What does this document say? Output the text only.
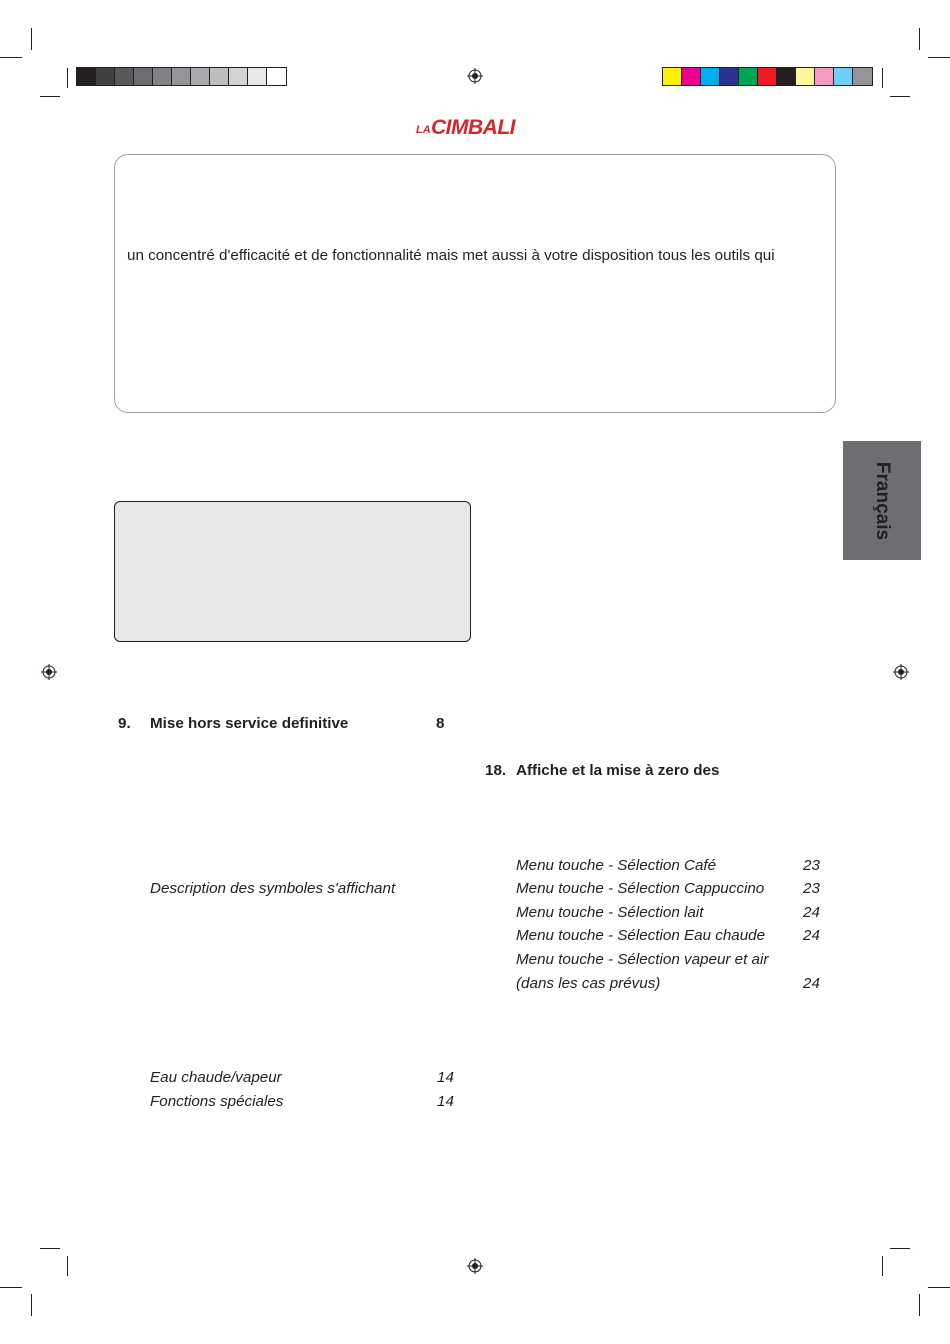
LA CIMBALI
un concentré d'efficacité et de fonctionnalité mais met aussi à votre disposition tous les outils qui
Français
9. Mise hors service definitive	8
Description des symboles s'affichant
Eau chaude/vapeur	14
Fonctions spéciales	14
18. Affiche et la mise à zero des
Menu touche - Sélection Café	23
Menu touche - Sélection Cappuccino	23
Menu touche - Sélection lait	24
Menu touche - Sélection Eau chaude 24
Menu touche - Sélection vapeur et air
(dans les cas prévus)	24
